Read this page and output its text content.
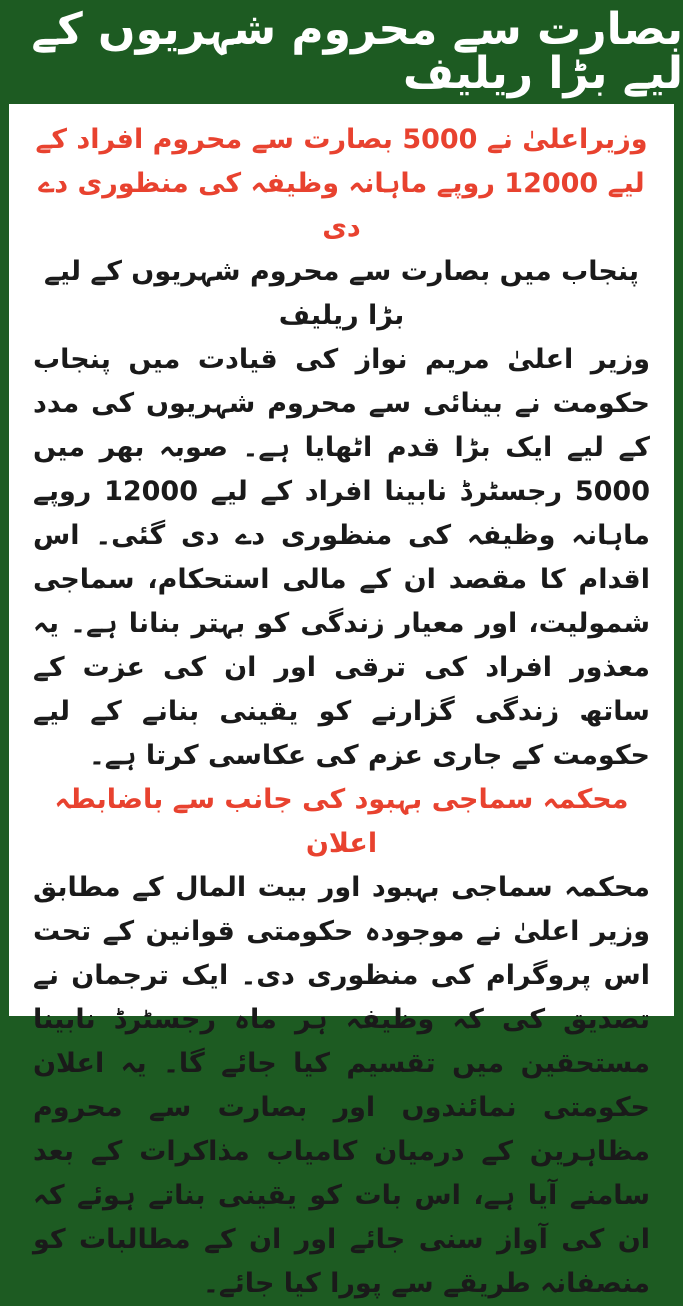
بصارت سے محروم شہریوں کے لیے بڑا ریلیف

وزیراعلیٰ نے 5000 بصارت سے محروم افراد کے لیے 12000 روپے ماہانہ وظیفہ کی منظوری دے دی

پنجاب میں بصارت سے محروم شہریوں کے لیے بڑا ریلیف

وزیر اعلیٰ مریم نواز کی قیادت میں پنجاب حکومت نے بینائی سے محروم شہریوں کی مدد کے لیے ایک بڑا قدم اٹھایا ہے۔ صوبہ بھر میں 5000 رجسٹرڈ نابینا افراد کے لیے 12000 روپے ماہانہ وظیفہ کی منظوری دے دی گئی۔ اس اقدام کا مقصد ان کے مالی استحکام، سماجی شمولیت، اور معیار زندگی کو بہتر بنانا ہے۔ یہ معذور افراد کی ترقی اور ان کی عزت کے ساتھ زندگی گزارنے کو یقینی بنانے کے لیے حکومت کے جاری عزم کی عکاسی کرتا ہے۔

محکمہ سماجی بہبود کی جانب سے باضابطہ اعلان

محکمہ سماجی بہبود اور بیت المال کے مطابق وزیر اعلیٰ نے موجودہ حکومتی قوانین کے تحت اس پروگرام کی منظوری دی۔ ایک ترجمان نے تصدیق کی کہ وظیفہ ہر ماہ رجسٹرڈ نابینا مستحقین میں تقسیم کیا جائے گا۔ یہ اعلان حکومتی نمائندوں اور بصارت سے محروم مظاہرین کے درمیان کامیاب مذاکرات کے بعد سامنے آیا ہے، اس بات کو یقینی بناتے ہوئے کہ ان کی آواز سنی جائے اور ان کے مطالبات کو منصفانہ طریقے سے پورا کیا جائے۔
